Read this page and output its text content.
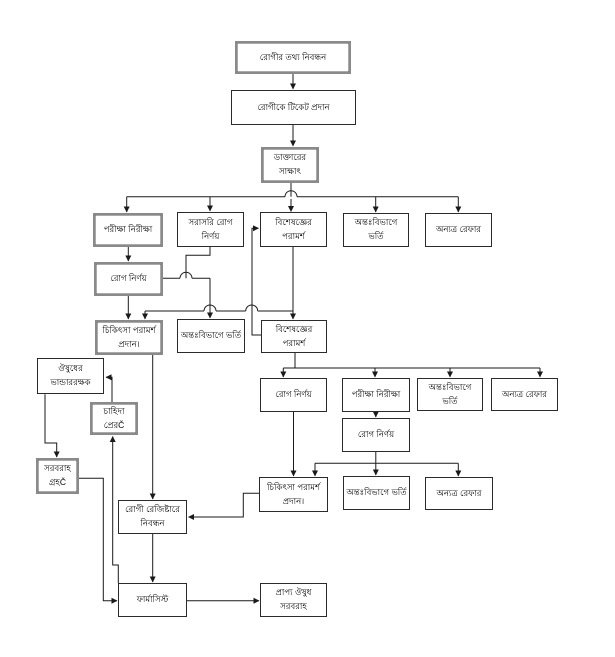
রোগীর তথ্য নিবন্ধন
রোগীকে টিকেট প্রদান
ডাক্তারের সাক্ষাৎ
পরীক্ষা নিরীক্ষা
সরাসরি রোগ নির্ণয়
বিশেষজ্ঞের পরামর্শ
অন্তঃবিভাগে ভর্তি
অন্যত্র রেফার
রোগ নির্ণয়
চিকিৎসা পরামর্শ প্রদান।
অন্তঃবিভাগে ভর্তি
বিশেষজ্ঞের পরামর্শ
ঔষুধের ভান্ডাররক্ষক
চাহিদা প্রেরČ
সরবরাহ গ্রহČ
রোগ নির্ণয়	পরীক্ষা নিরীক্ষা
অন্তঃবিভাগে ভর্তি
অন্যত্র রেফার
রোগ নির্ণয়
চিকিৎসা পরামর্শ প্রদান।
অন্তঃবিভাগে ভর্তি	অন্যত্র রেফার
রোগী রেজিষ্টারে নিবন্ধন
ফার্মাসিস্ট
প্রাপ্য ঔষুধ সরবরাহ
